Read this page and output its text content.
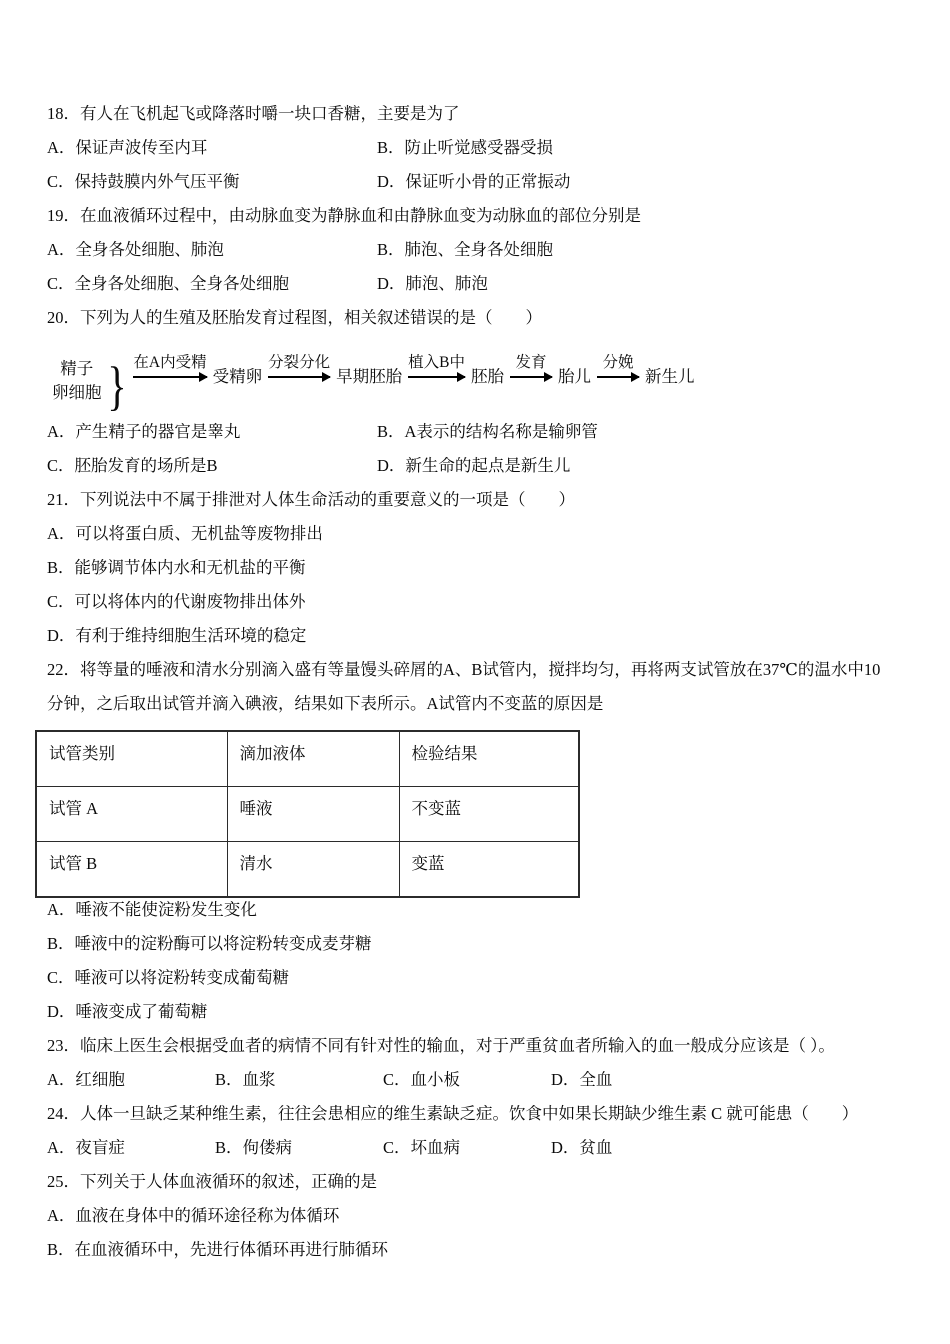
18．有人在飞机起飞或降落时嚼一块口香糖，主要是为了
A．保证声波传至内耳	B．防止听觉感受器受损
C．保持鼓膜内外气压平衡	D．保证听小骨的正常振动
19．在血液循环过程中，由动脉血变为静脉血和由静脉血变为动脉血的部位分别是
A．全身各处细胞、肺泡	B．肺泡、全身各处细胞
C．全身各处细胞、全身各处细胞	D．肺泡、肺泡
20．下列为人的生殖及胚胎发育过程图，相关叙述错误的是（　　）
精子
卵细胞 } 在A内受精
受精卵
分裂分化
早期胚胎
植入B中
胚胎
发育
胎儿
分娩
新生儿
A．产生精子的器官是睾丸	B．A表示的结构名称是输卵管
C．胚胎发育的场所是B	D．新生命的起点是新生儿
21．下列说法中不属于排泄对人体生命活动的重要意义的一项是（　　）
A．可以将蛋白质、无机盐等废物排出
B．能够调节体内水和无机盐的平衡
C．可以将体内的代谢废物排出体外
D．有利于维持细胞生活环境的稳定
22．将等量的唾液和清水分别滴入盛有等量馒头碎屑的A、B试管内，搅拌均匀，再将两支试管放在37℃的温水中10
分钟，之后取出试管并滴入碘液，结果如下表所示。A试管内不变蓝的原因是
试管类别	滴加液体	检验结果
试管 A	唾液	不变蓝
试管 B	清水	变蓝
A．唾液不能使淀粉发生变化
B．唾液中的淀粉酶可以将淀粉转变成麦芽糖
C．唾液可以将淀粉转变成葡萄糖
D．唾液变成了葡萄糖
23．临床上医生会根据受血者的病情不同有针对性的输血，对于严重贫血者所输入的血一般成分应该是（ ）。
A．红细胞	B．血浆	C．血小板	D．全血
24．人体一旦缺乏某种维生素，往往会患相应的维生素缺乏症。饮食中如果长期缺少维生素 C 就可能患（　　）
A．夜盲症	B．佝偻病	C．坏血病	D．贫血
25．下列关于人体血液循环的叙述，正确的是
A．血液在身体中的循环途径称为体循环
B．在血液循环中，先进行体循环再进行肺循环
